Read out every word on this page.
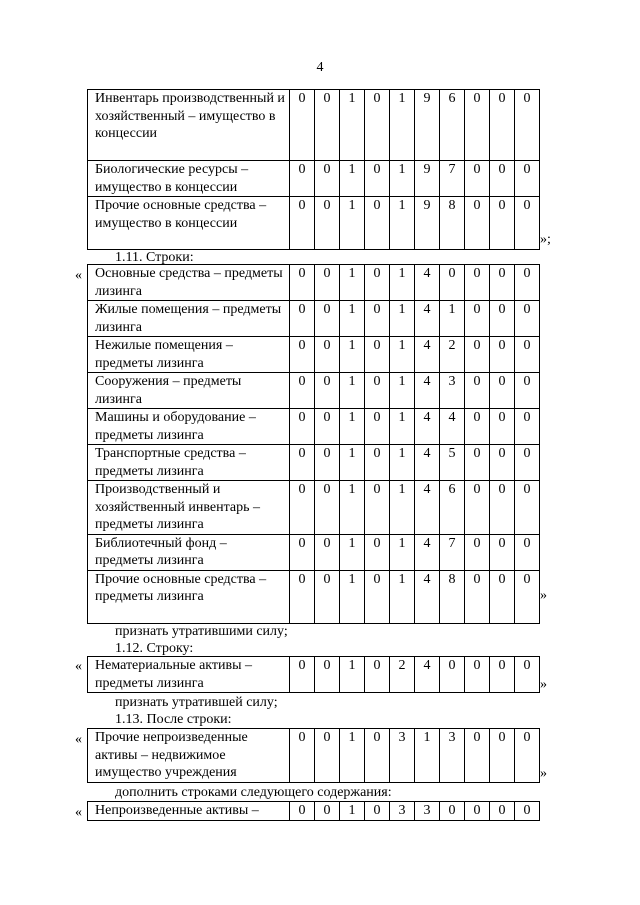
4
Инвентарь производственный и хозяйственный – имущество в концессии	0	0	1	0	1	9	6	0	0	0
Биологические ресурсы – имущество в концессии	0	0	1	0	1	9	7	0	0	0
Прочие основные средства – имущество в концессии	0	0	1	0	1	9	8	0	0	0
»;
1.11. Строки:
« Основные средства – предметы лизинга	0	0	1	0	1	4	0	0	0	0
Жилые помещения – предметы лизинга	0	0	1	0	1	4	1	0	0	0
Нежилые помещения – предметы лизинга	0	0	1	0	1	4	2	0	0	0
Сооружения – предметы лизинга	0	0	1	0	1	4	3	0	0	0
Машины и оборудование – предметы лизинга	0	0	1	0	1	4	4	0	0	0
Транспортные средства – предметы лизинга	0	0	1	0	1	4	5	0	0	0
Производственный и хозяйственный инвентарь – предметы лизинга	0	0	1	0	1	4	6	0	0	0
Библиотечный фонд – предметы лизинга	0	0	1	0	1	4	7	0	0	0
Прочие основные средства – предметы лизинга	0	0	1	0	1	4	8	0	0	0
»
признать утратившими силу;
1.12. Строку:
« Нематериальные активы – предметы лизинга	0	0	1	0	2	4	0	0	0	0
»
признать утратившей силу;
1.13. После строки:
« Прочие непроизведенные активы – недвижимое имущество учреждения	0	0	1	0	3	1	3	0	0	0
»
дополнить строками следующего содержания:
« Непроизведенные активы –	0	0	1	0	3	3	0	0	0	0
